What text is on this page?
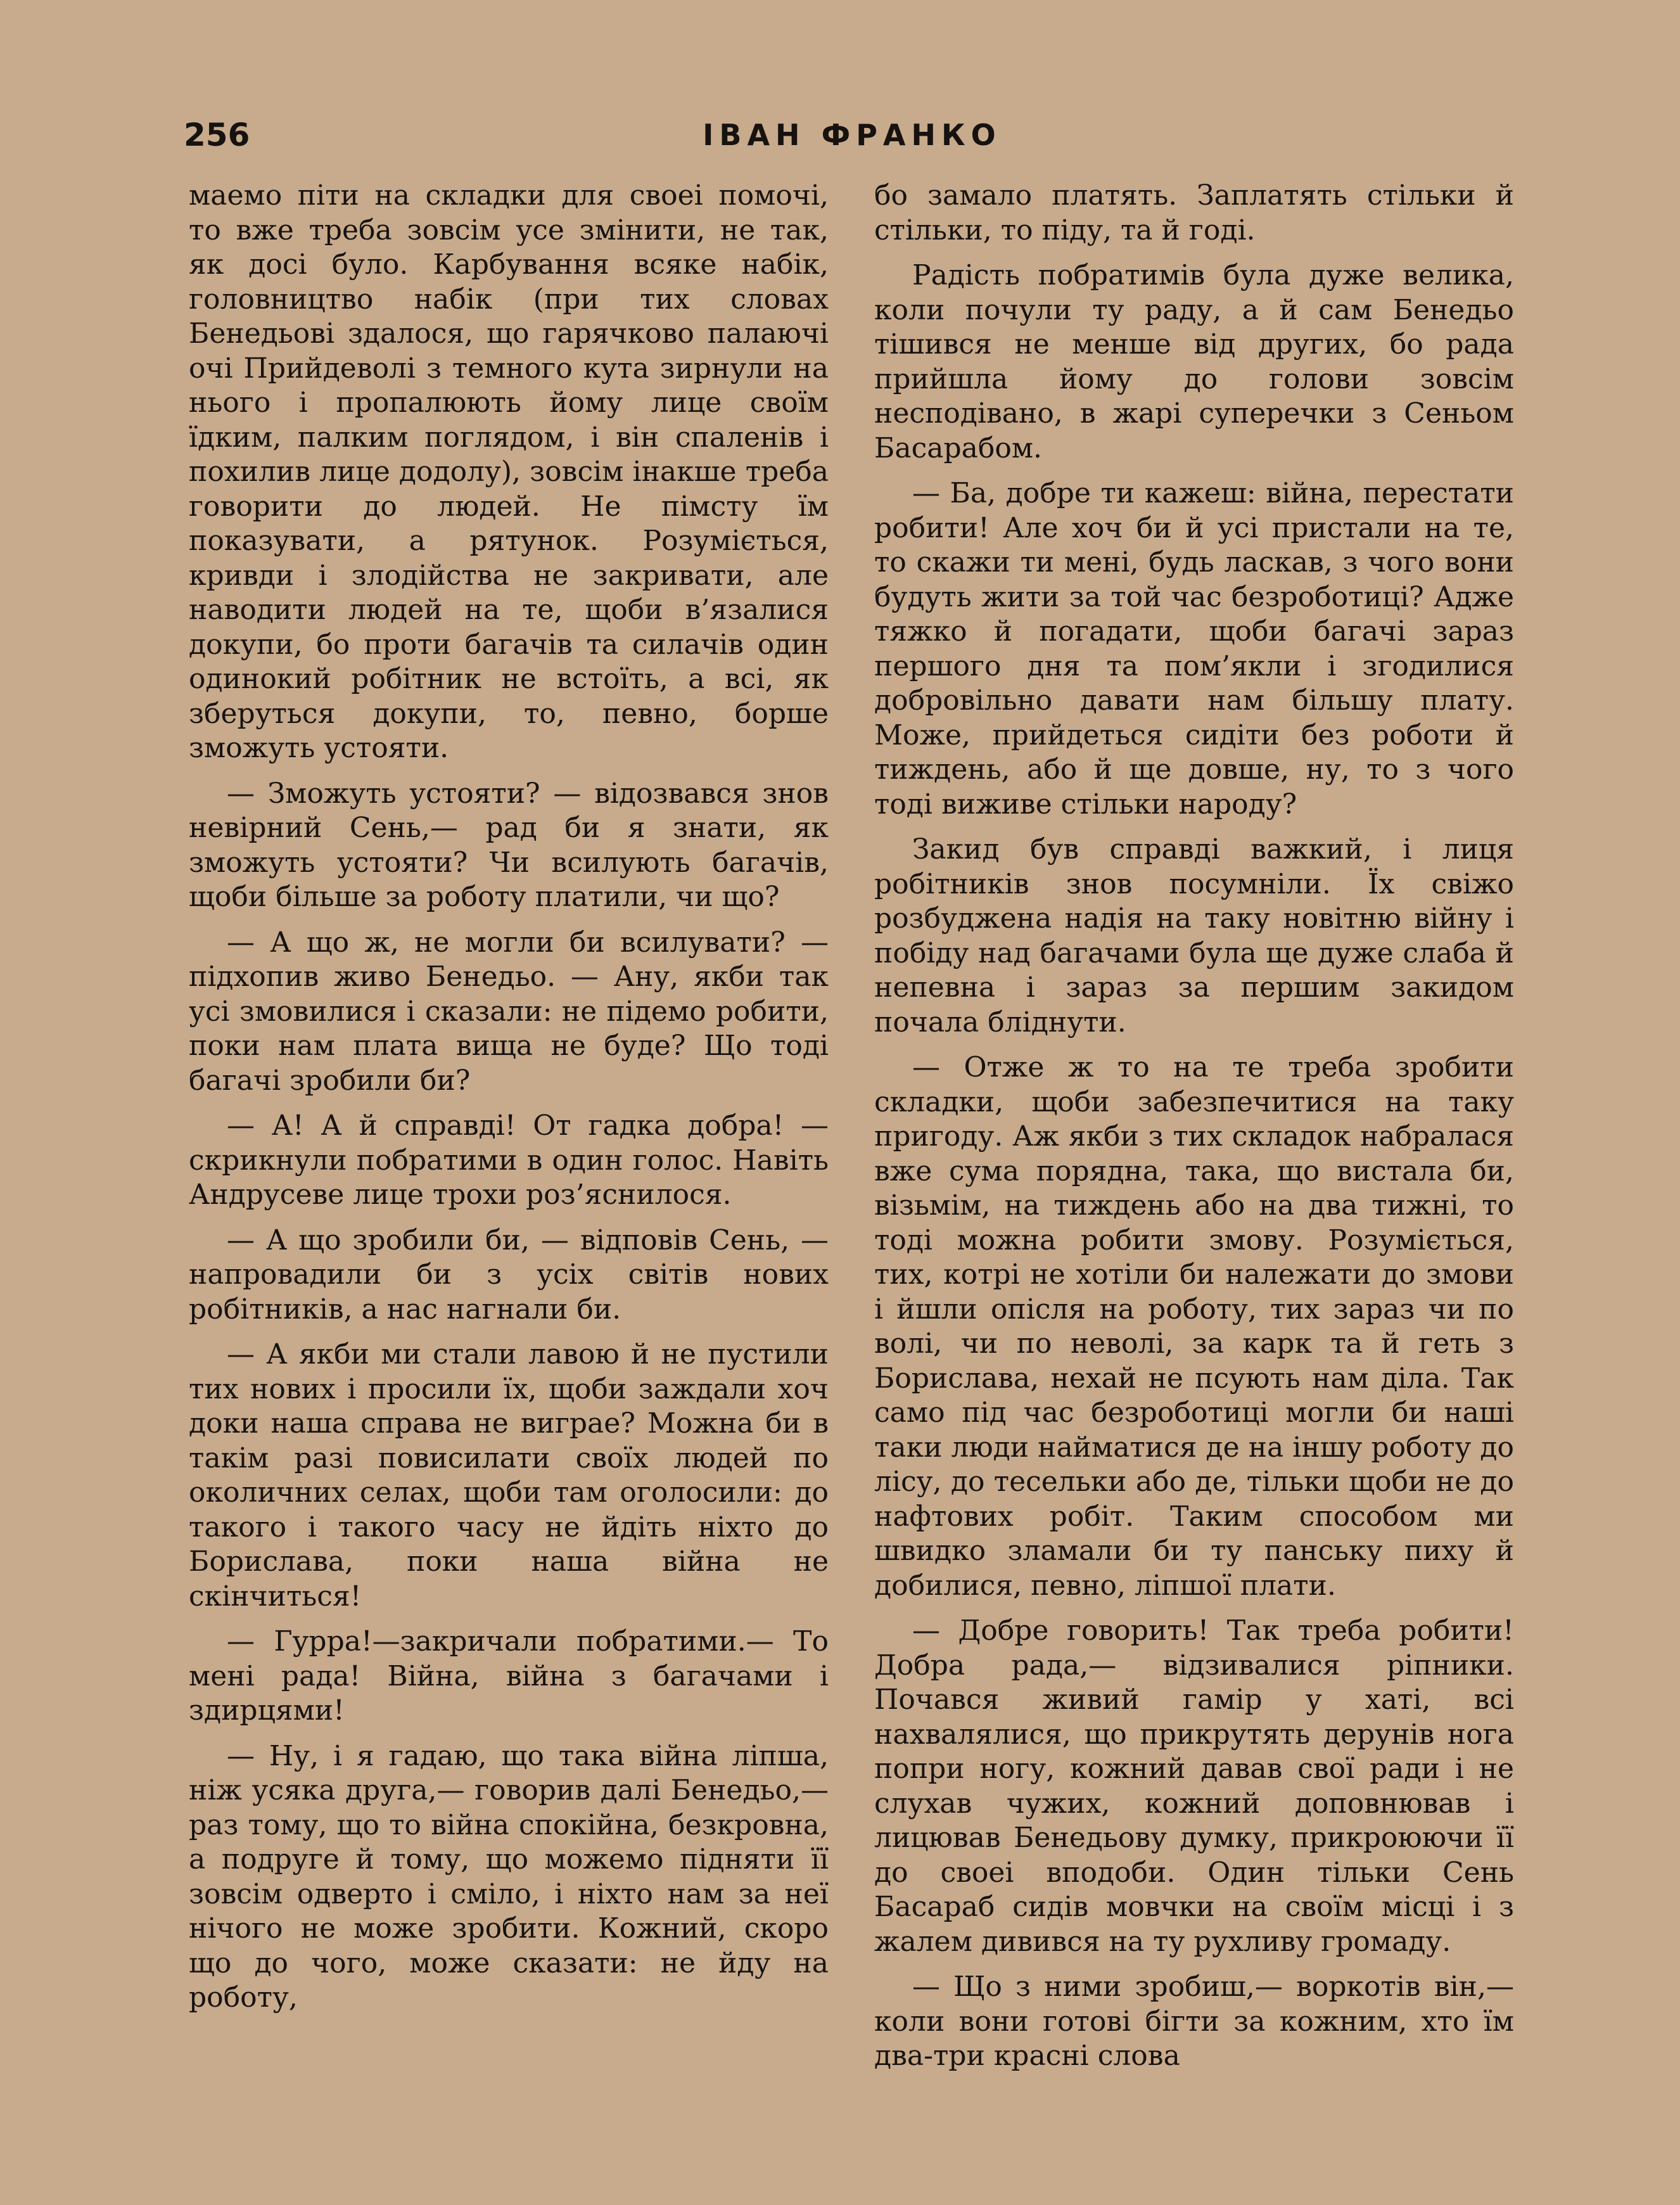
256	ІВАН ФРАНКО

маемо піти на складки для своеі помочі, то вже треба зовсім усе змінити, не так, як досі було. Карбування всяке набік, головництво набік (при тих словах Бенедьові здалося, що гарячково палаючі очі Прийдеволі з темного кута зирнули на нього і пропалюють йому лице своїм їдким, палким поглядом, і він спаленів і похилив лице додолу), зовсім інакше треба говорити до людей. Не пімсту їм показувати, а рятунок. Розуміється, кривди і злодійства не закривати, але наводити людей на те, щоби в’язалися докупи, бо проти багачів та силачів один одинокий робітник не встоїть, а всі, як зберуться докупи, то, певно, борше зможуть устояти.

— Зможуть устояти? — відозвався знов невірний Сень,— рад би я знати, як зможуть устояти? Чи всилують багачів, щоби більше за роботу платили, чи що?

— А що ж, не могли би всилувати? — підхопив живо Бенедьо. — Ану, якби так усі змовилися і сказали: не підемо робити, поки нам плата вища не буде? Що тоді багачі зробили би?

— А! А й справді! От гадка добра! — скрикнули побратими в один голос. Навіть Андрусеве лице трохи роз’яснилося.

— А що зробили би, — відповів Сень, — напровадили би з усіх світів нових робітників, а нас нагнали би.

— А якби ми стали лавою й не пустили тих нових і просили їх, щоби заждали хоч доки наша справа не виграе? Можна би в такім разі повисилати своїх людей по околичних селах, щоби там оголосили: до такого і такого часу не йдіть ніхто до Борислава, поки наша війна не скінчиться!

— Гурра!—закричали побратими.— То мені рада! Війна, війна з багачами і здирцями!

— Ну, і я гадаю, що така війна ліпша, ніж усяка друга,— говорив далі Бенедьо,— раз тому, що то війна спокійна, безкровна, а подруге й тому, що можемо підняти її зовсім одверто і сміло, і ніхто нам за неї нічого не може зробити. Кожний, скоро що до чого, може сказати: не йду на роботу,

бо замало платять. Заплатять стільки й стільки, то піду, та й годі.

Радість побратимів була дуже велика, коли почули ту раду, а й сам Бенедьо тішився не менше від других, бо рада прийшла йому до голови зовсім несподівано, в жарі суперечки з Сеньом Басарабом.

— Ба, добре ти кажеш: війна, перестати робити! Але хоч би й усі пристали на те, то скажи ти мені, будь ласкав, з чого вони будуть жити за той час безроботиці? Адже тяжко й погадати, щоби багачі зараз першого дня та пом’якли і згодилися добровільно давати нам більшу плату. Може, прийдеться сидіти без роботи й тиждень, або й ще довше, ну, то з чого тоді виживе стільки народу?

Закид був справді важкий, і лиця робітників знов посумніли. Їх свіжо розбуджена надія на таку новітню війну і побіду над багачами була ще дуже слаба й непевна і зараз за першим закидом почала бліднути.

— Отже ж то на те треба зробити складки, щоби забезпечитися на таку пригоду. Аж якби з тих складок набралася вже сума порядна, така, що вистала би, візьмім, на тиждень або на два тижні, то тоді можна робити змову. Розуміється, тих, котрі не хотіли би належати до змови і йшли опісля на роботу, тих зараз чи по волі, чи по неволі, за карк та й геть з Борислава, нехай не псують нам діла. Так само під час безроботиці могли би наші таки люди найматися де на іншу роботу до лісу, до тесельки або де, тільки щоби не до нафтових робіт. Таким способом ми швидко зламали би ту панську пиху й добилися, певно, ліпшої плати.

— Добре говорить! Так треба робити! Добра рада,— відзивалися ріпники. Почався живий гамір у хаті, всі нахвалялися, що прикрутять дерунів нога попри ногу, кожний давав свої ради і не слухав чужих, кожний доповнював і лицював Бенедьову думку, прикроюючи її до своеі вподоби. Один тільки Сень Басараб сидів мовчки на своїм місці і з жалем дивився на ту рухливу громаду.

— Що з ними зробиш,— воркотів він,— коли вони готові бігти за кожним, хто їм два-три красні слова
